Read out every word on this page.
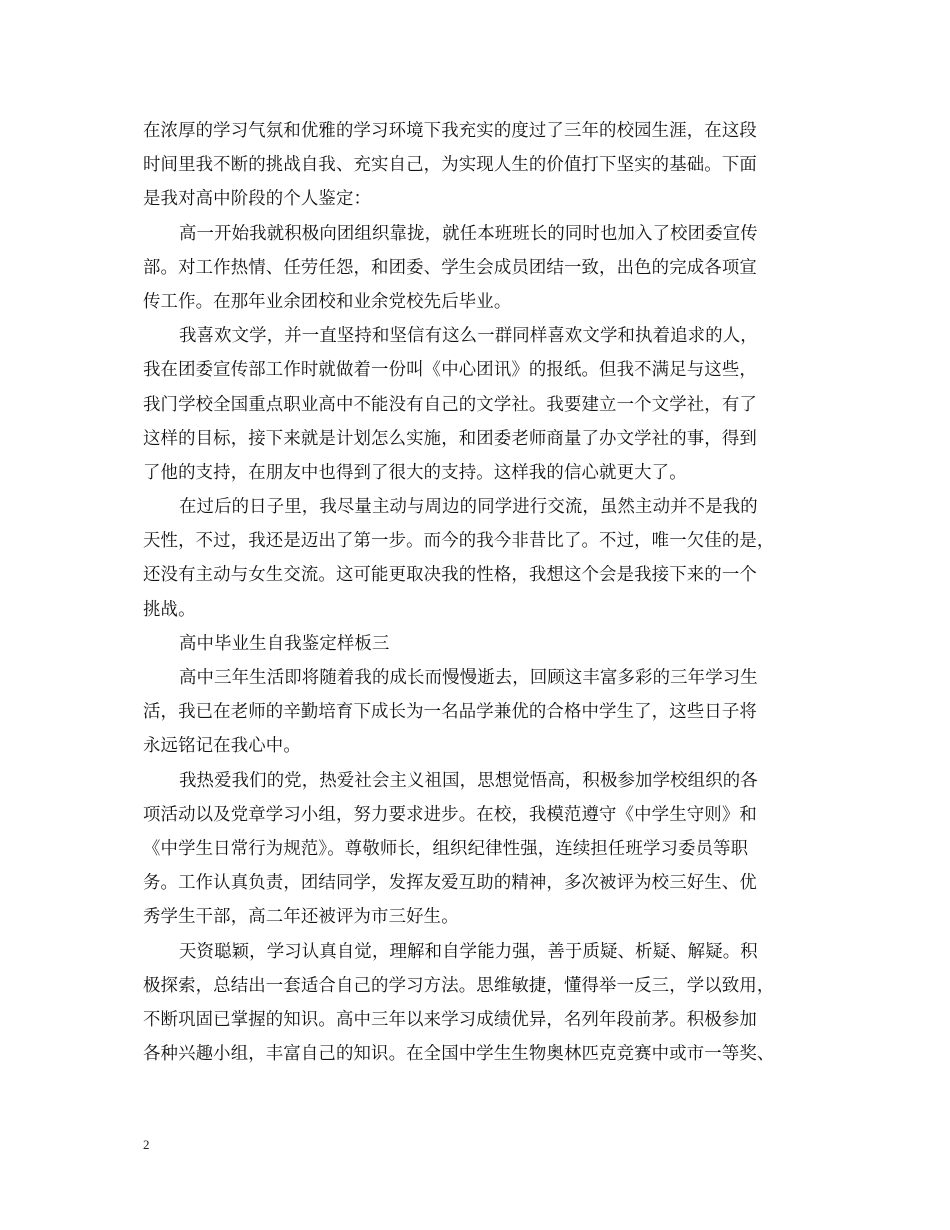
在浓厚的学习气氛和优雅的学习环境下我充实的度过了三年的校园生涯，在这段
时间里我不断的挑战自我、充实自己，为实现人生的价值打下坚实的基础。下面
是我对高中阶段的个人鉴定：
高一开始我就积极向团组织靠拢，就任本班班长的同时也加入了校团委宣传
部。对工作热情、任劳任怨，和团委、学生会成员团结一致，出色的完成各项宣
传工作。在那年业余团校和业余党校先后毕业。
我喜欢文学，并一直坚持和坚信有这么一群同样喜欢文学和执着追求的人，
我在团委宣传部工作时就做着一份叫《中心团讯》的报纸。但我不满足与这些，
我门学校全国重点职业高中不能没有自己的文学社。我要建立一个文学社，有了
这样的目标，接下来就是计划怎么实施，和团委老师商量了办文学社的事，得到
了他的支持，在朋友中也得到了很大的支持。这样我的信心就更大了。
在过后的日子里，我尽量主动与周边的同学进行交流，虽然主动并不是我的
天性，不过，我还是迈出了第一步。而今的我今非昔比了。不过，唯一欠佳的是，
还没有主动与女生交流。这可能更取决我的性格，我想这个会是我接下来的一个
挑战。
高中毕业生自我鉴定样板三
高中三年生活即将随着我的成长而慢慢逝去，回顾这丰富多彩的三年学习生
活，我已在老师的辛勤培育下成长为一名品学兼优的合格中学生了，这些日子将
永远铭记在我心中。
我热爱我们的党，热爱社会主义祖国，思想觉悟高，积极参加学校组织的各
项活动以及党章学习小组，努力要求进步。在校，我模范遵守《中学生守则》和
《中学生日常行为规范》。尊敬师长，组织纪律性强，连续担任班学习委员等职
务。工作认真负责，团结同学，发挥友爱互助的精神，多次被评为校三好生、优
秀学生干部，高二年还被评为市三好生。
天资聪颖，学习认真自觉，理解和自学能力强，善于质疑、析疑、解疑。积
极探索，总结出一套适合自己的学习方法。思维敏捷，懂得举一反三，学以致用，
不断巩固已掌握的知识。高中三年以来学习成绩优异，名列年段前茅。积极参加
各种兴趣小组，丰富自己的知识。在全国中学生生物奥林匹克竞赛中或市一等奖、
2
